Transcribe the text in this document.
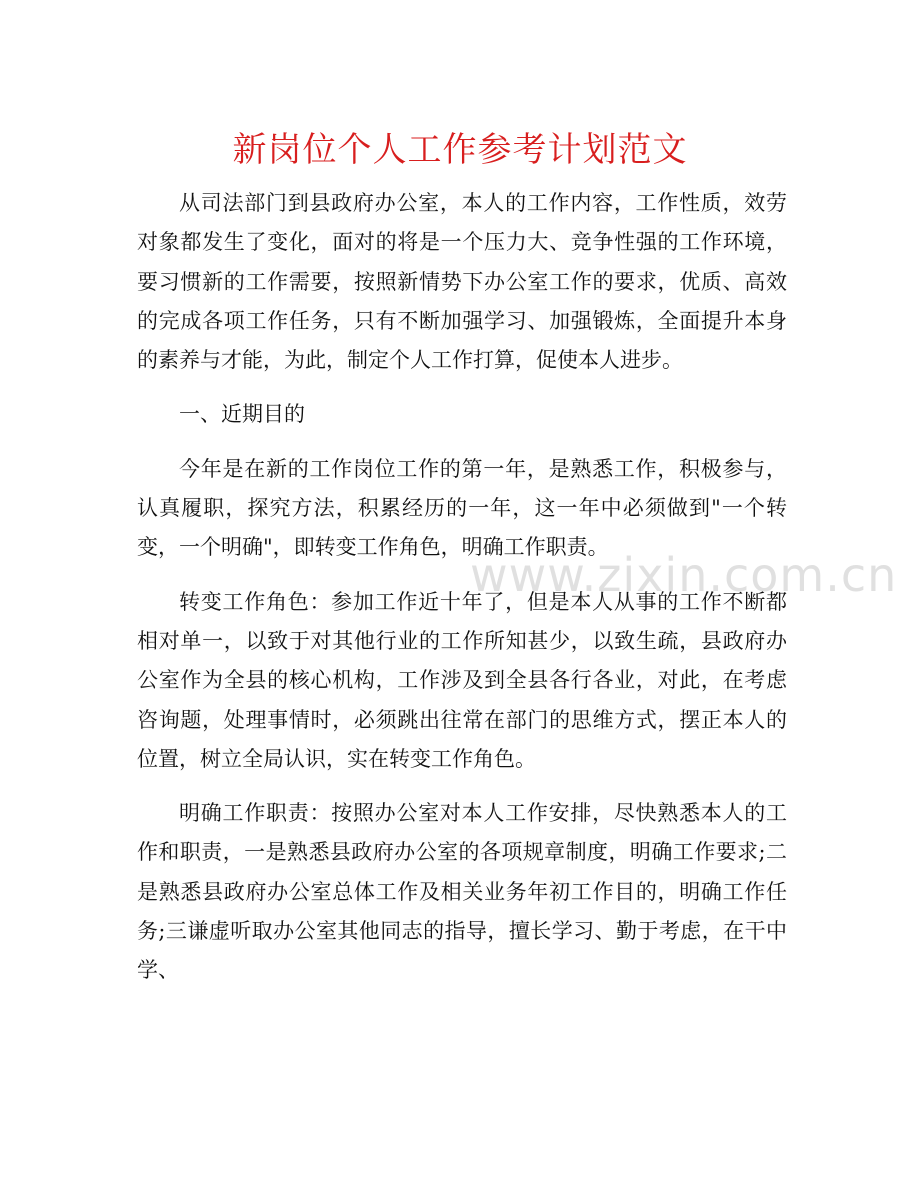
新岗位个人工作参考计划范文

从司法部门到县政府办公室，本人的工作内容，工作性质，效劳对象都发生了变化，面对的将是一个压力大、竞争性强的工作环境，要习惯新的工作需要，按照新情势下办公室工作的要求，优质、高效的完成各项工作任务，只有不断加强学习、加强锻炼，全面提升本身的素养与才能，为此，制定个人工作打算，促使本人进步。

一、近期目的

今年是在新的工作岗位工作的第一年，是熟悉工作，积极参与，认真履职，探究方法，积累经历的一年，这一年中必须做到"一个转变，一个明确"，即转变工作角色，明确工作职责。

转变工作角色：参加工作近十年了，但是本人从事的工作不断都相对单一，以致于对其他行业的工作所知甚少，以致生疏，县政府办公室作为全县的核心机构，工作涉及到全县各行各业，对此，在考虑咨询题，处理事情时，必须跳出往常在部门的思维方式，摆正本人的位置，树立全局认识，实在转变工作角色。

明确工作职责：按照办公室对本人工作安排，尽快熟悉本人的工作和职责，一是熟悉县政府办公室的各项规章制度，明确工作要求;二是熟悉县政府办公室总体工作及相关业务年初工作目的，明确工作任务;三谦虚听取办公室其他同志的指导，擅长学习、勤于考虑，在干中学、

www.zixin.com.cn
